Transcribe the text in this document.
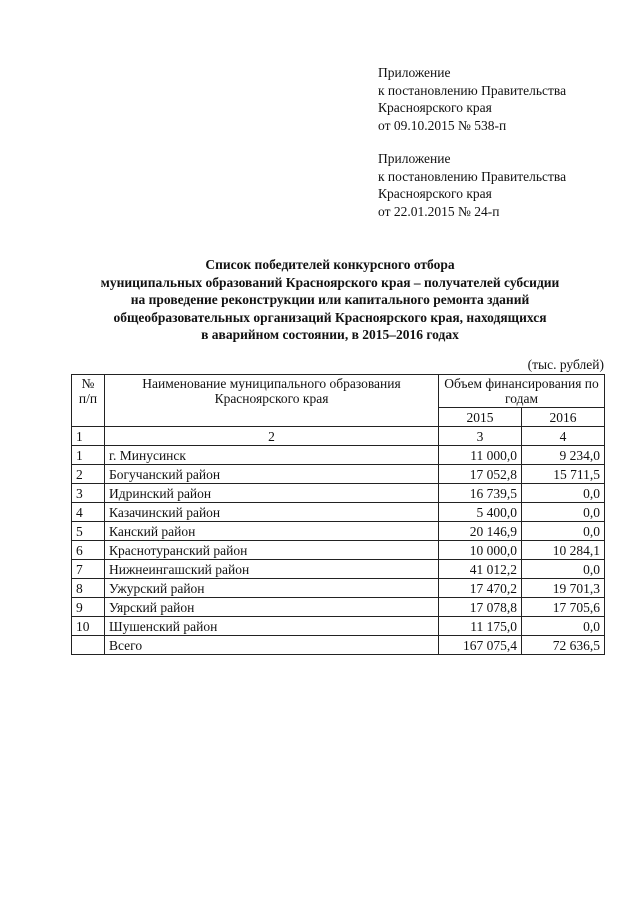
Приложение
к постановлению Правительства
Красноярского края
от 09.10.2015 № 538-п
Приложение
к постановлению Правительства
Красноярского края
от 22.01.2015 № 24-п
Список победителей конкурсного отбора
муниципальных образований Красноярского края – получателей субсидии
на проведение реконструкции или капитального ремонта зданий
общеобразовательных организаций Красноярского края, находящихся
в аварийном состоянии, в 2015–2016 годах
(тыс. рублей)
№ п/п	Наименование муниципального образования Красноярского края	Объем финансирования по годам	
		2015	2016
1	2	3	4
1	г. Минусинск	11 000,0	9 234,0
2	Богучанский район	17 052,8	15 711,5
3	Идринский район	16 739,5	0,0
4	Казачинский район	5 400,0	0,0
5	Канский район	20 146,9	0,0
6	Краснотуранский район	10 000,0	10 284,1
7	Нижнеингашский район	41 012,2	0,0
8	Ужурский район	17 470,2	19 701,3
9	Уярский район	17 078,8	17 705,6
10	Шушенский район	11 175,0	0,0
	Всего	167 075,4	72 636,5
